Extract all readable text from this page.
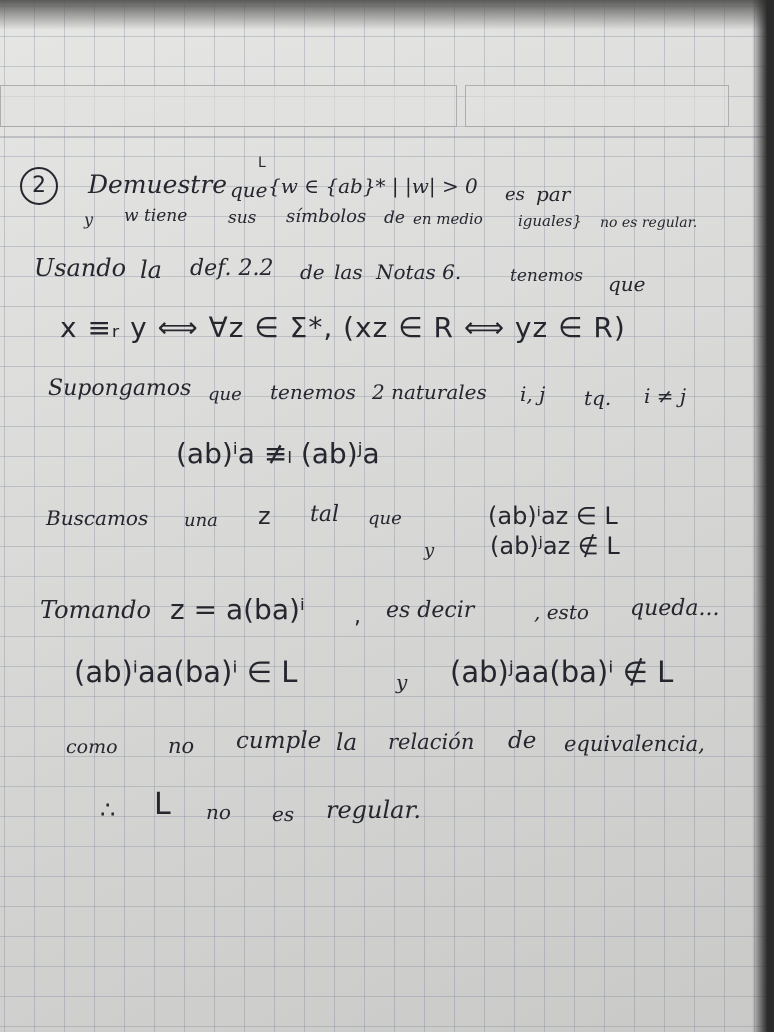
2	Demuestre que
L
{w ∈ {ab}* | |w| > 0 es par
y w tiene sus símbolos de en medio iguales} no es regular.
Usando la def. 2.2 de las Notas 6.	tenemos que
x ≡ᵣ y ⟺ ∀z ∈ Σ*, (xz ∈ R ⟺ yz ∈ R)
Supongamos que tenemos 2 naturales i, j tq. i ≠ j
(ab)ⁱa ≢ₗ (ab)ʲa
Buscamos una z tal que	(ab)ⁱaz ∈ L
y (ab)ʲaz ∉ L
Tomando z = a(ba)ⁱ , es decir	, esto queda...
(ab)ⁱaa(ba)ⁱ ∈ L	y (ab)ʲaa(ba)ⁱ ∉ L
como no cumple la relación de equivalencia,
∴ L no es regular.
